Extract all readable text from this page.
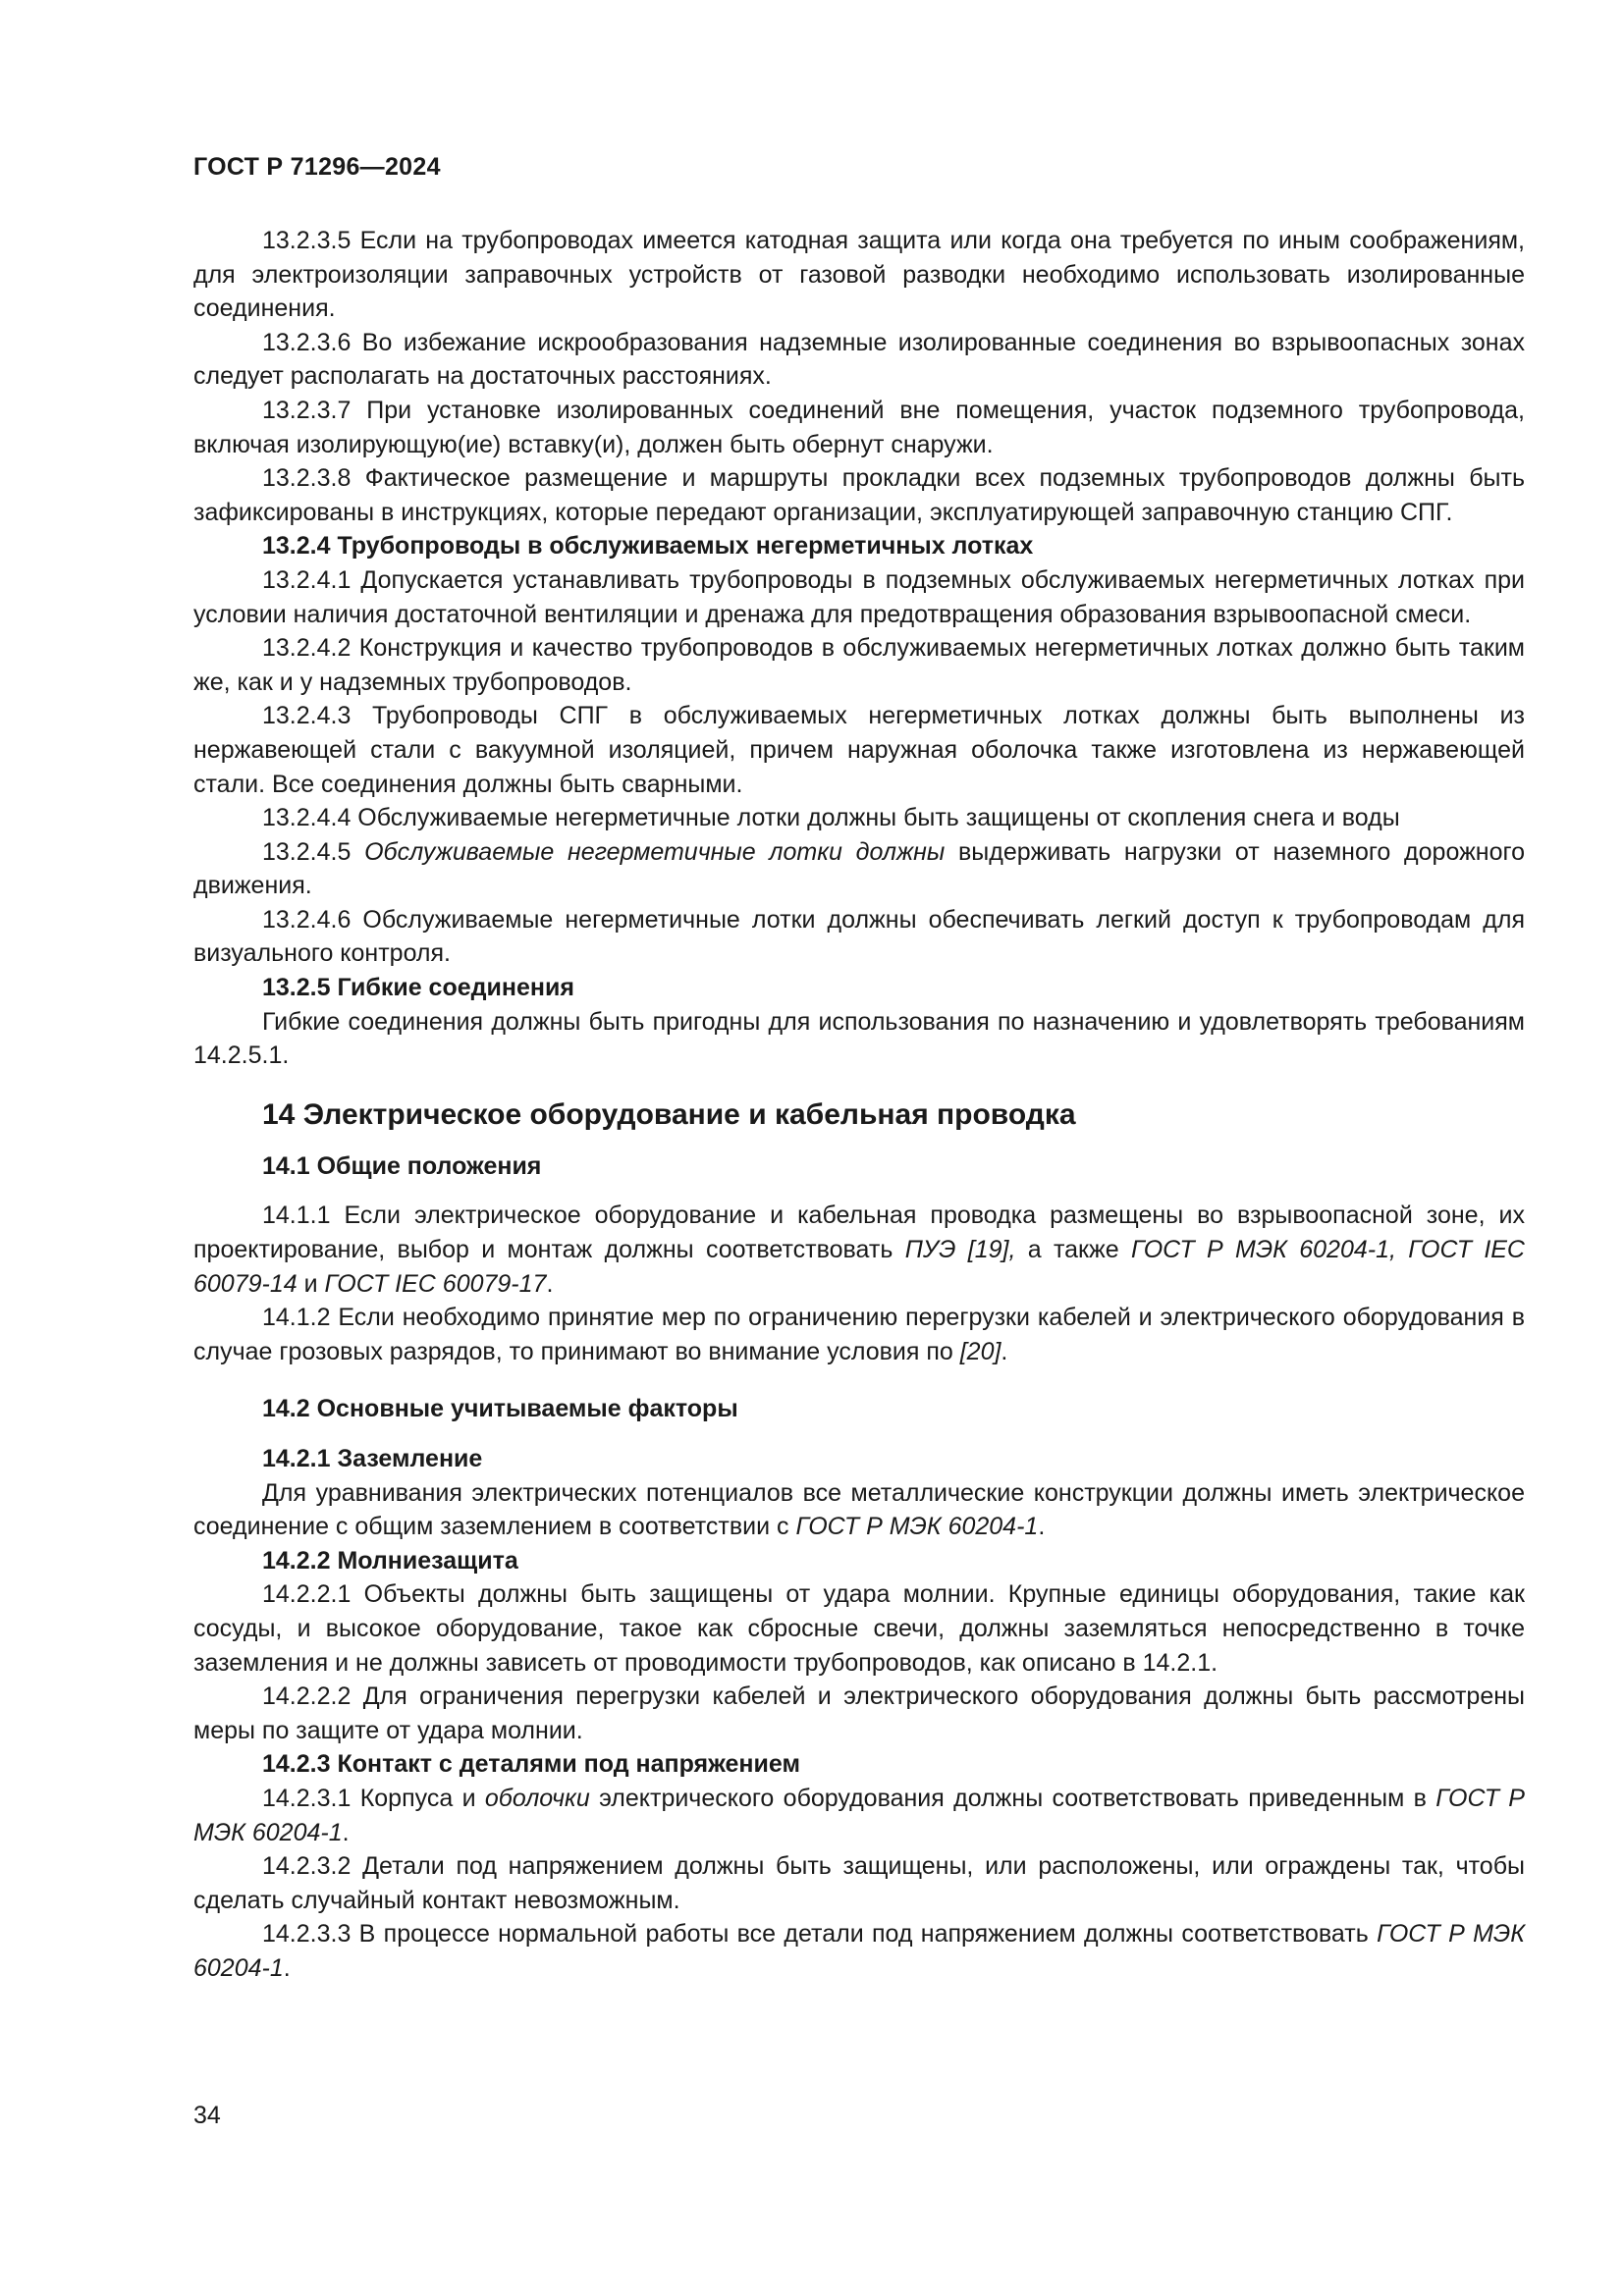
ГОСТ Р 71296—2024

13.2.3.5 Если на трубопроводах имеется катодная защита или когда она требуется по иным соображениям, для электроизоляции заправочных устройств от газовой разводки необходимо использовать изолированные соединения.

13.2.3.6 Во избежание искрообразования надземные изолированные соединения во взрывоопасных зонах следует располагать на достаточных расстояниях.

13.2.3.7 При установке изолированных соединений вне помещения, участок подземного трубопровода, включая изолирующую(ие) вставку(и), должен быть обернут снаружи.

13.2.3.8 Фактическое размещение и маршруты прокладки всех подземных трубопроводов должны быть зафиксированы в инструкциях, которые передают организации, эксплуатирующей заправочную станцию СПГ.

13.2.4 Трубопроводы в обслуживаемых негерметичных лотках

13.2.4.1 Допускается устанавливать трубопроводы в подземных обслуживаемых негерметичных лотках при условии наличия достаточной вентиляции и дренажа для предотвращения образования взрывоопасной смеси.

13.2.4.2 Конструкция и качество трубопроводов в обслуживаемых негерметичных лотках должно быть таким же, как и у надземных трубопроводов.

13.2.4.3 Трубопроводы СПГ в обслуживаемых негерметичных лотках должны быть выполнены из нержавеющей стали с вакуумной изоляцией, причем наружная оболочка также изготовлена из нержавеющей стали. Все соединения должны быть сварными.

13.2.4.4 Обслуживаемые негерметичные лотки должны быть защищены от скопления снега и воды

13.2.4.5 Обслуживаемые негерметичные лотки должны выдерживать нагрузки от наземного дорожного движения.

13.2.4.6 Обслуживаемые негерметичные лотки должны обеспечивать легкий доступ к трубопроводам для визуального контроля.

13.2.5 Гибкие соединения

Гибкие соединения должны быть пригодны для использования по назначению и удовлетворять требованиям 14.2.5.1.

14 Электрическое оборудование и кабельная проводка
14.1 Общие положения

14.1.1 Если электрическое оборудование и кабельная проводка размещены во взрывоопасной зоне, их проектирование, выбор и монтаж должны соответствовать ПУЭ [19], а также ГОСТ Р МЭК 60204-1, ГОСТ IEC 60079-14 и ГОСТ IEC 60079-17.

14.1.2 Если необходимо принятие мер по ограничению перегрузки кабелей и электрического оборудования в случае грозовых разрядов, то принимают во внимание условия по [20].

14.2 Основные учитываемые факторы

14.2.1 Заземление

Для уравнивания электрических потенциалов все металлические конструкции должны иметь электрическое соединение с общим заземлением в соответствии с ГОСТ Р МЭК 60204-1.

14.2.2 Молниезащита

14.2.2.1 Объекты должны быть защищены от удара молнии. Крупные единицы оборудования, такие как сосуды, и высокое оборудование, такое как сбросные свечи, должны заземляться непосредственно в точке заземления и не должны зависеть от проводимости трубопроводов, как описано в 14.2.1.

14.2.2.2 Для ограничения перегрузки кабелей и электрического оборудования должны быть рассмотрены меры по защите от удара молнии.

14.2.3 Контакт с деталями под напряжением

14.2.3.1 Корпуса и оболочки электрического оборудования должны соответствовать приведенным в ГОСТ Р МЭК 60204-1.

14.2.3.2 Детали под напряжением должны быть защищены, или расположены, или ограждены так, чтобы сделать случайный контакт невозможным.

14.2.3.3 В процессе нормальной работы все детали под напряжением должны соответствовать ГОСТ Р МЭК 60204-1.

34
